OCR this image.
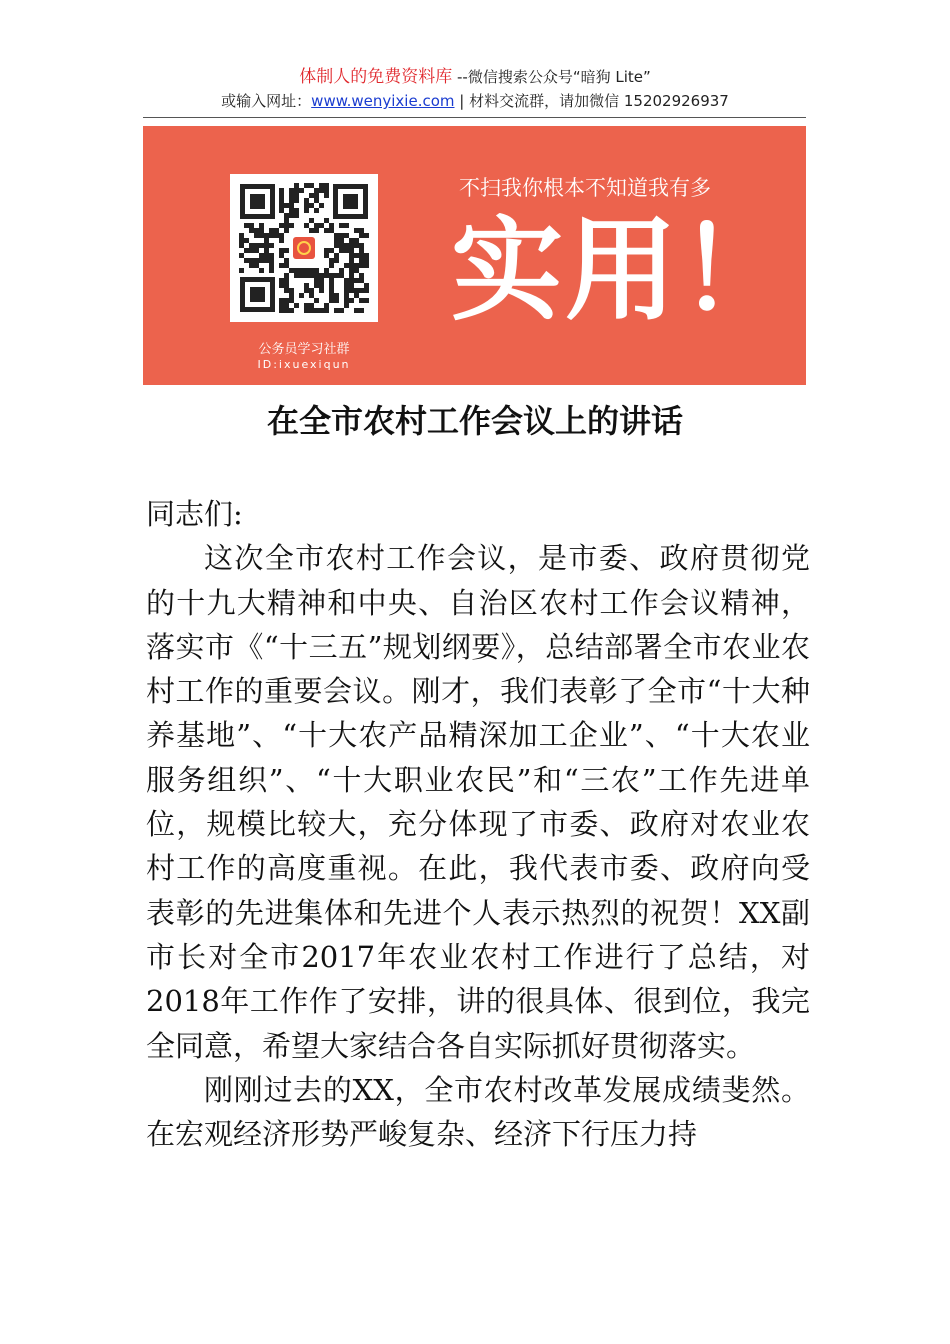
体制人的免费资料库 --微信搜索公众号“暗狗 Lite”
或输入网址：www.wenyixie.com | 材料交流群，请加微信 15202926937
公务员学习社群
ID:ixuexiqun
不扫我你根本不知道我有多
实用！
在全市农村工作会议上的讲话

同志们:

这次全市农村工作会议，是市委、政府贯彻党的十九大精神和中央、自治区农村工作会议精神，落实市《“十三五”规划纲要》，总结部署全市农业农村工作的重要会议。刚才，我们表彰了全市“十大种养基地”、“十大农产品精深加工企业”、“十大农业服务组织”、“十大职业农民”和“三农”工作先进单位，规模比较大，充分体现了市委、政府对农业农村工作的高度重视。在此，我代表市委、政府向受表彰的先进集体和先进个人表示热烈的祝贺！XX副市长对全市2017年农业农村工作进行了总结，对2018年工作作了安排，讲的很具体、很到位，我完全同意，希望大家结合各自实际抓好贯彻落实。

刚刚过去的XX，全市农村改革发展成绩斐然。在宏观经济形势严峻复杂、经济下行压力持
